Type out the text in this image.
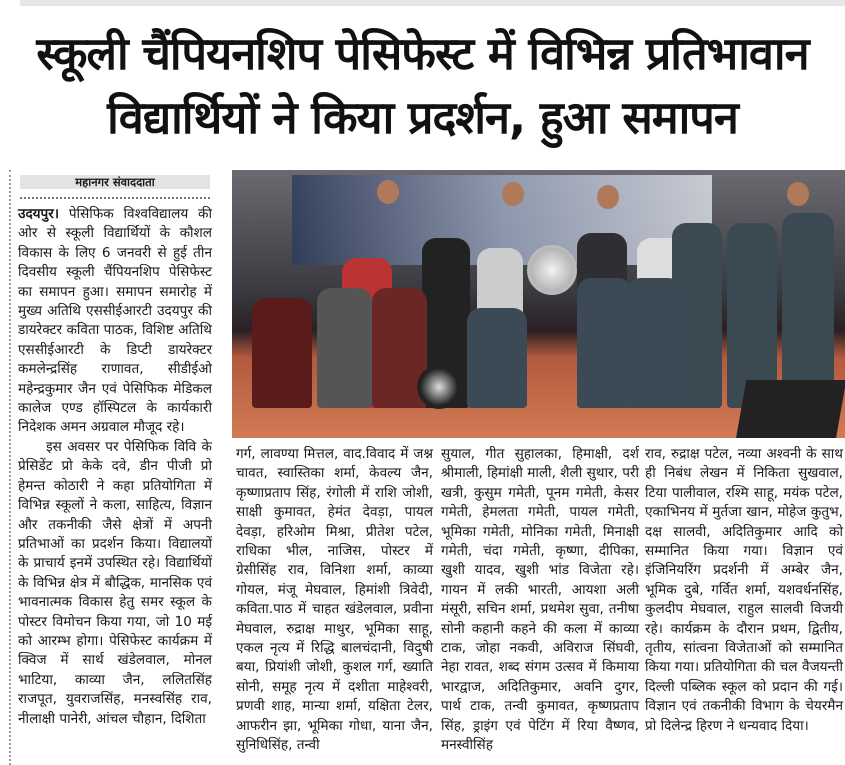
स्कूली चैंपियनशिप पेसिफेस्ट में विभिन्न प्रतिभावान
विद्यार्थियों ने किया प्रदर्शन, हुआ समापन
महानगर संवाददाता

उदयपुर। पेसिफिक विश्वविद्यालय की ओर से स्कूली विद्यार्थियों के कौशल विकास के लिए 6 जनवरी से हुई तीन दिवसीय स्कूली चैंपियनशिप पेसिफेस्ट का समापन हुआ। समापन समारोह में मुख्य अतिथि एससीईआरटी उदयपुर की डायरेक्टर कविता पाठक, विशिष्ट अतिथि एससीईआरटी के डिप्टी डायरेक्टर कमलेन्द्रसिंह राणावत, सीडीईओ महेन्द्रकुमार जैन एवं पेसिफिक मेडिकल कालेज एण्ड हॉस्पिटल के कार्यकारी निदेशक अमन अग्रवाल मौजूद रहे।

इस अवसर पर पेसिफिक विवि के प्रेसिडेंट प्रो केके दवे, डीन पीजी प्रो हेमन्त कोठारी ने कहा प्रतियोगिता में विभिन्न स्कूलों ने कला, साहित्य, विज्ञान और तकनीकी जैसे क्षेत्रों में अपनी प्रतिभाओं का प्रदर्शन किया। विद्यालयों के प्राचार्य इनमें उपस्थित रहे। विद्यार्थियों के विभिन्न क्षेत्र में बौद्धिक, मानसिक एवं भावनात्मक विकास हेतु समर स्कूल के पोस्टर विमोचन किया गया, जो 10 मई को आरम्भ होगा। पेसिफेस्ट कार्यक्रम में क्विज में सार्थ खंडेलवाल, मोनल भाटिया, काव्या जैन, ललितसिंह राजपूत, युवराजसिंह, मनस्वसिंह राव, नीलाक्षी पानेरी, आंचल चौहान, दिशिता

गर्ग, लावण्या मित्तल, वाद.विवाद में जश्न चावत, स्वास्तिका शर्मा, केवल्य जैन, कृष्णाप्रताप सिंह, रंगोली में राशि जोशी, साक्षी कुमावत, हेमंत देवड़ा, पायल देवड़ा, हरिओम मिश्रा, प्रीतेश पटेल, राधिका भील, नाजिस, पोस्टर में ग्रेसीसिंह राव, विनिशा शर्मा, काव्या गोयल, मंजू मेघवाल, हिमांशी त्रिवेदी, कविता.पाठ में चाहत खंडेलवाल, प्रवीना मेघवाल, रुद्राक्ष माथुर, भूमिका साहू, एकल नृत्य में रिद्धि बालचंदानी, विदुषी बया, प्रियांशी जोशी, कुशल गर्ग, ख्याति सोनी, समूह नृत्य में दशीता माहेश्वरी, प्रणवी शाह, मान्या शर्मा, यक्षिता टेलर, आफरीन झा, भूमिका गोधा, याना जैन, सुनिधिसिंह, तन्वी

सुयाल, गीत सुहालका, हिमाक्षी, दर्श श्रीमाली, हिमांक्षी माली, शैली सुथार, परी खत्री, कुसुम गमेती, पूनम गमेती, केसर गमेती, हेमलता गमेती, पायल गमेती, भूमिका गमेती, मोनिका गमेती, मिनाक्षी गमेती, चंदा गमेती, कृष्णा, दीपिका, खुशी यादव, खुशी भांड विजेता रहे। गायन में लकी भारती, आयशा अली मंसूरी, सचिन शर्मा, प्रथमेश सुवा, तनीषा सोनी कहानी कहने की कला में काव्या टाक, जोहा नकवी, अविराज सिंघवी, नेहा रावत, शब्द संगम उत्सव में किमाया भारद्वाज, अदितिकुमार, अवनि दुगर, पार्थ टाक, तन्वी कुमावत, कृष्णप्रताप सिंह, ड्राइंग एवं पेटिंग में रिया वैष्णव, मनस्वीसिंह

राव, रुद्राक्ष पटेल, नव्या अश्वनी के साथ ही निबंध लेखन में निकिता सुखवाल, टिया पालीवाल, रश्मि साहू, मयंक पटेल, एकाभिनय में मुर्तजा खान, मोहेज कुतुभ, दक्ष सालवी, अदितिकुमार आदि को सम्मानित किया गया। विज्ञान एवं इंजिनियरिंग प्रदर्शनी में अम्बेर जैन, भूमिक दुबे, गर्वित शर्मा, यशवर्धनसिंह, कुलदीप मेघवाल, राहुल सालवी विजयी रहे। कार्यक्रम के दौरान प्रथम, द्वितीय, तृतीय, सांत्वना विजेताओं को सम्मानित किया गया। प्रतियोगिता की चल वैजयन्ती दिल्ली पब्लिक स्कूल को प्रदान की गई। विज्ञान एवं तकनीकी विभाग के चेयरमैन प्रो दिलेन्द्र हिरण ने धन्यवाद दिया।
